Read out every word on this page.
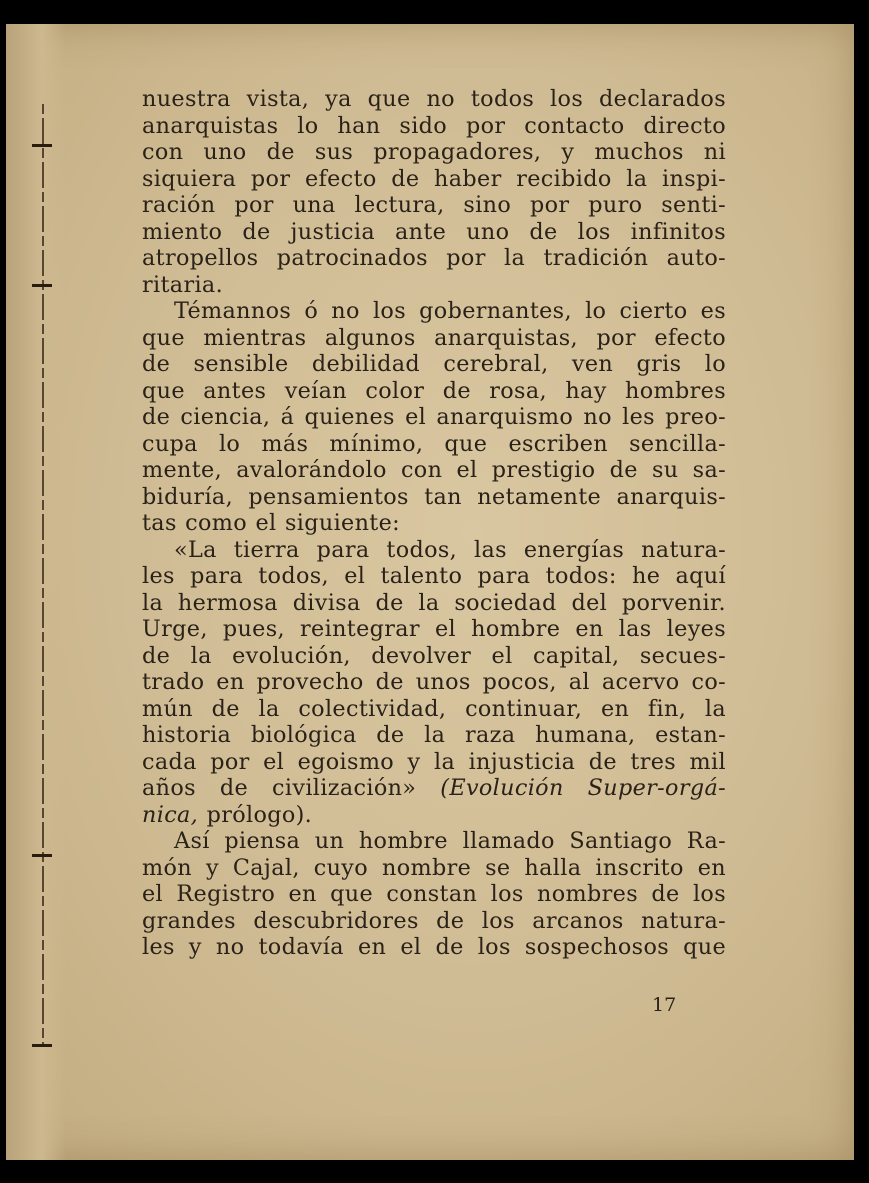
nuestra vista, ya que no todos los declarados
anarquistas lo han sido por contacto directo
con uno de sus propagadores, y muchos ni
siquiera por efecto de haber recibido la inspi-
ración por una lectura, sino por puro senti-
miento de justicia ante uno de los infinitos
atropellos patrocinados por la tradición auto-
ritaria.
Témannos ó no los gobernantes, lo cierto es
que mientras algunos anarquistas, por efecto
de sensible debilidad cerebral, ven gris lo
que antes veían color de rosa, hay hombres
de ciencia, á quienes el anarquismo no les preo-
cupa lo más mínimo, que escriben sencilla-
mente, avalorándolo con el prestigio de su sa-
biduría, pensamientos tan netamente anarquis-
tas como el siguiente:
«La tierra para todos, las energías natura-
les para todos, el talento para todos: he aquí
la hermosa divisa de la sociedad del porvenir.
Urge, pues, reintegrar el hombre en las leyes
de la evolución, devolver el capital, secues-
trado en provecho de unos pocos, al acervo co-
mún de la colectividad, continuar, en fin, la
historia biológica de la raza humana, estan-
cada por el egoismo y la injusticia de tres mil
años de civilización» (Evolución Super-orgá-
nica, prólogo).
Así piensa un hombre llamado Santiago Ra-
món y Cajal, cuyo nombre se halla inscrito en
el Registro en que constan los nombres de los
grandes descubridores de los arcanos natura-
les y no todavía en el de los sospechosos que
17
